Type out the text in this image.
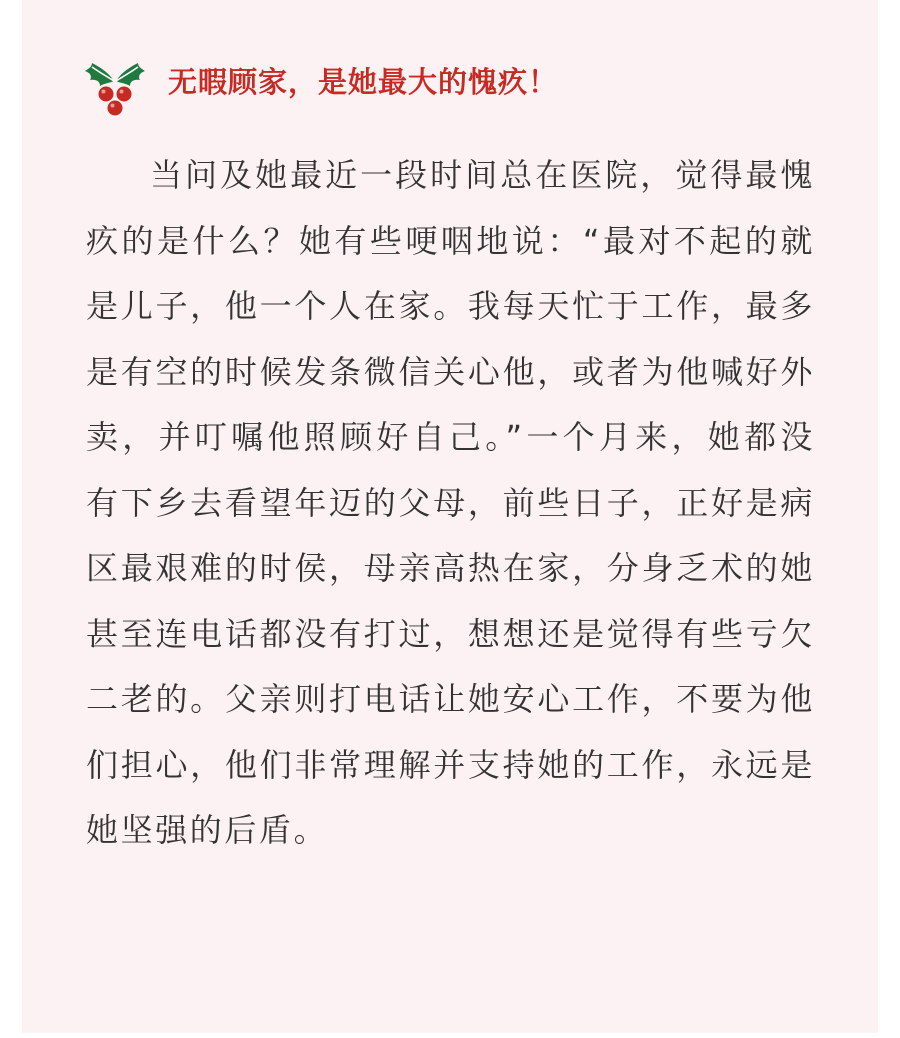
无暇顾家，是她最大的愧疚！

当问及她最近一段时间总在医院，觉得最愧疚的是什么？她有些哽咽地说：“最对不起的就是儿子，他一个人在家。我每天忙于工作，最多是有空的时候发条微信关心他，或者为他喊好外卖，并叮嘱他照顾好自己。”一个月来，她都没有下乡去看望年迈的父母，前些日子，正好是病区最艰难的时侯，母亲高热在家，分身乏术的她甚至连电话都没有打过，想想还是觉得有些亏欠二老的。父亲则打电话让她安心工作，不要为他们担心，他们非常理解并支持她的工作，永远是她坚强的后盾。
